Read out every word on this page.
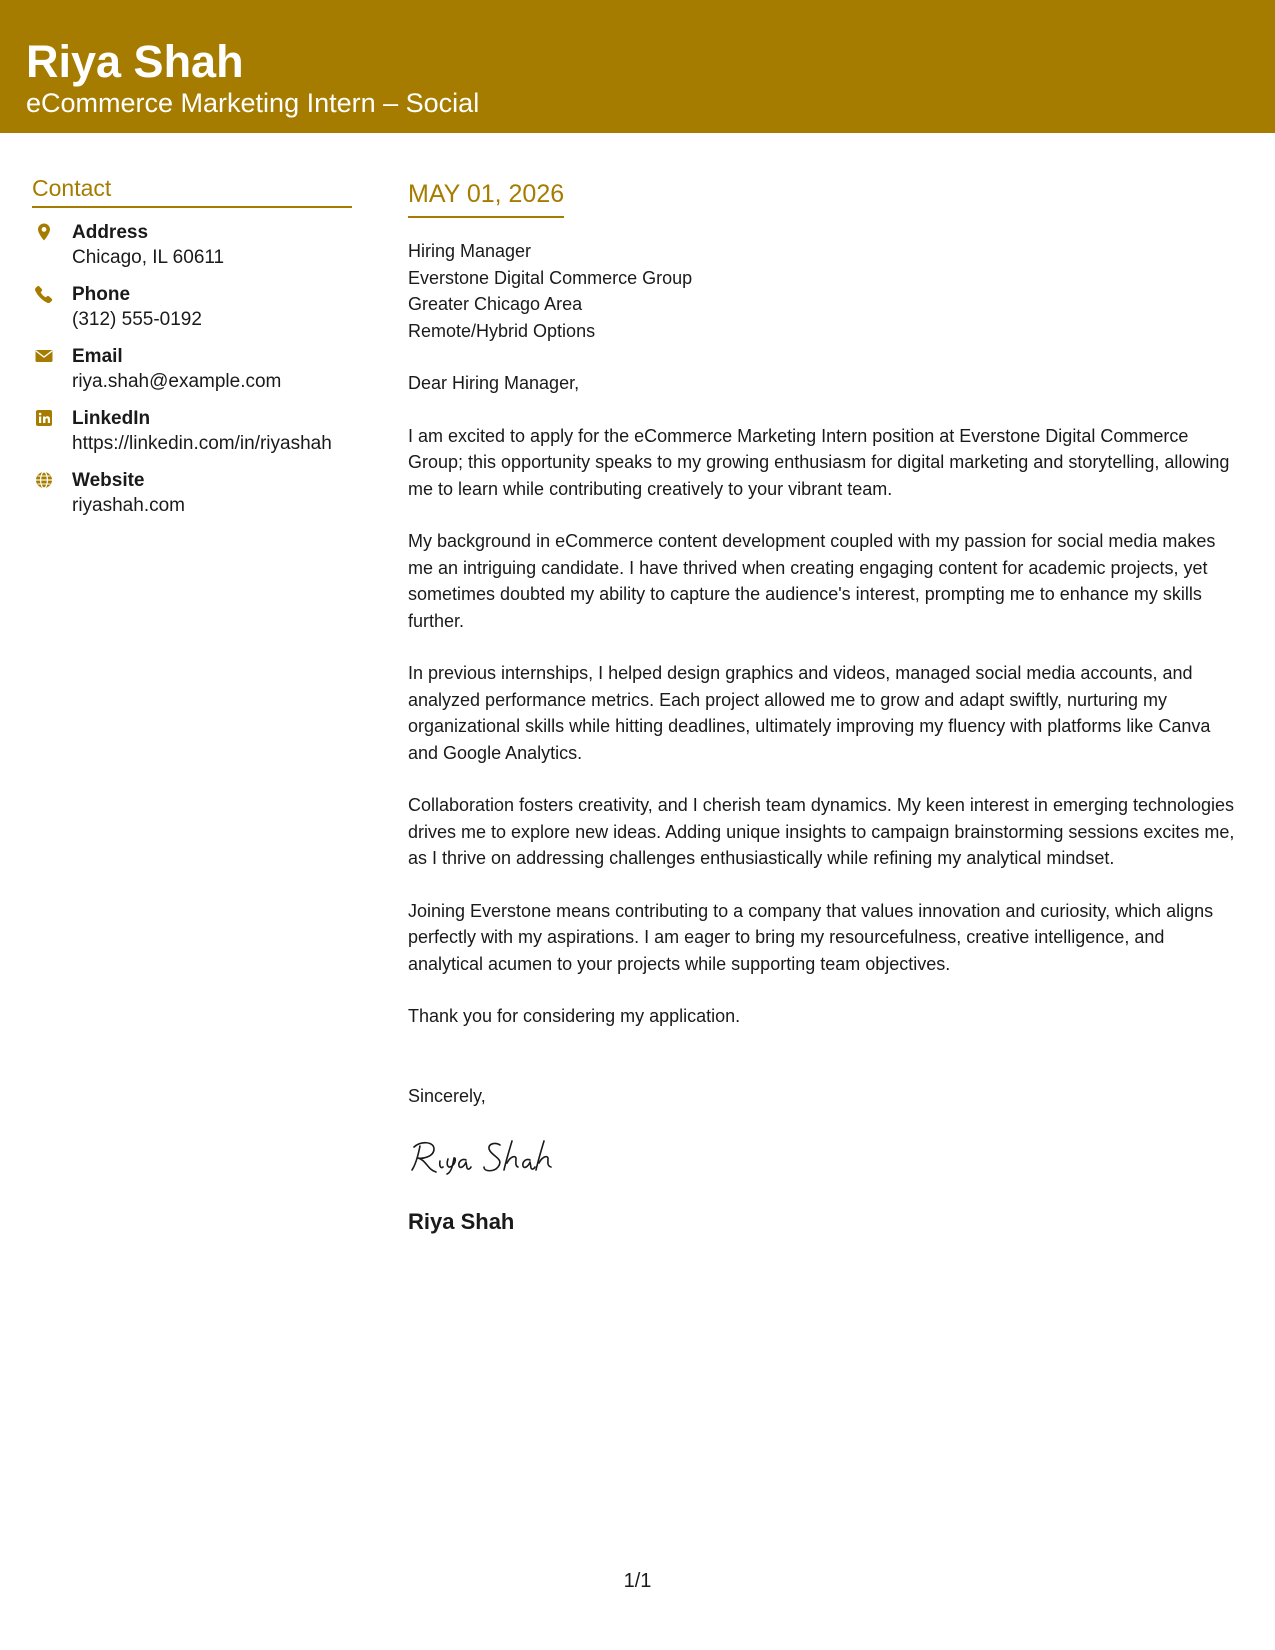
Riya Shah

eCommerce Marketing Intern – Social

Contact
Address
Chicago, IL 60611
Phone
(312) 555-0192
Email
riya.shah@example.com
LinkedIn
https://linkedin.com/in/riyashah
Website
riyashah.com
MAY 01, 2026
Hiring Manager
Everstone Digital Commerce Group
Greater Chicago Area
Remote/Hybrid Options
Dear Hiring Manager,
I am excited to apply for the eCommerce Marketing Intern position at Everstone Digital Commerce Group; this opportunity speaks to my growing enthusiasm for digital marketing and storytelling, allowing me to learn while contributing creatively to your vibrant team.
My background in eCommerce content development coupled with my passion for social media makes me an intriguing candidate. I have thrived when creating engaging content for academic projects, yet sometimes doubted my ability to capture the audience's interest, prompting me to enhance my skills further.
In previous internships, I helped design graphics and videos, managed social media accounts, and analyzed performance metrics. Each project allowed me to grow and adapt swiftly, nurturing my organizational skills while hitting deadlines, ultimately improving my fluency with platforms like Canva and Google Analytics.
Collaboration fosters creativity, and I cherish team dynamics. My keen interest in emerging technologies drives me to explore new ideas. Adding unique insights to campaign brainstorming sessions excites me, as I thrive on addressing challenges enthusiastically while refining my analytical mindset.
Joining Everstone means contributing to a company that values innovation and curiosity, which aligns perfectly with my aspirations. I am eager to bring my resourcefulness, creative intelligence, and analytical acumen to your projects while supporting team objectives.
Thank you for considering my application.
Sincerely,
Riya Shah
1/1
